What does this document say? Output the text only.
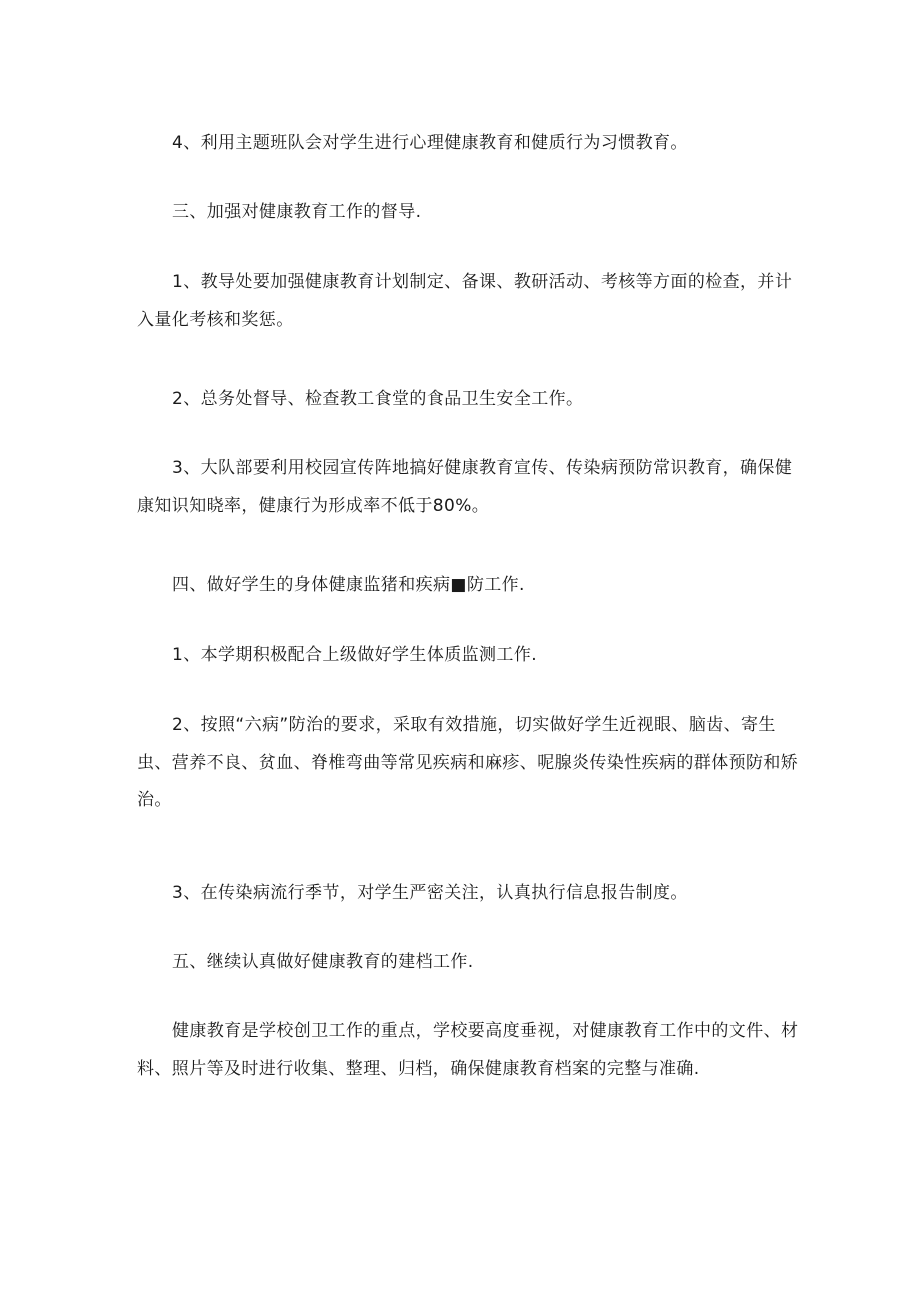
4、利用主题班队会对学生进行心理健康教育和健质行为习惯教育。
三、加强对健康教育工作的督导.
1、教导处要加强健康教育计划制定、备课、教研活动、考核等方面的检查，并计
入量化考核和奖惩。
2、总务处督导、检查教工食堂的食品卫生安全工作。
3、大队部要利用校园宣传阵地搞好健康教育宣传、传染病预防常识教育，确保健
康知识知晓率，健康行为形成率不低于80%。
四、做好学生的身体健康监猪和疾病■防工作.
1、本学期积极配合上级做好学生体质监测工作.
2、按照“六病”防治的要求，采取有效措施，切实做好学生近视眼、脑齿、寄生
虫、营养不良、贫血、脊椎弯曲等常见疾病和麻疹、呢腺炎传染性疾病的群体预防和矫
治。
3、在传染病流行季节，对学生严密关注，认真执行信息报告制度。
五、继续认真做好健康教育的建档工作.
健康教育是学校创卫工作的重点，学校要高度垂视，对健康教育工作中的文件、材
料、照片等及时进行收集、整理、归档，确保健康教育档案的完整与准确.
